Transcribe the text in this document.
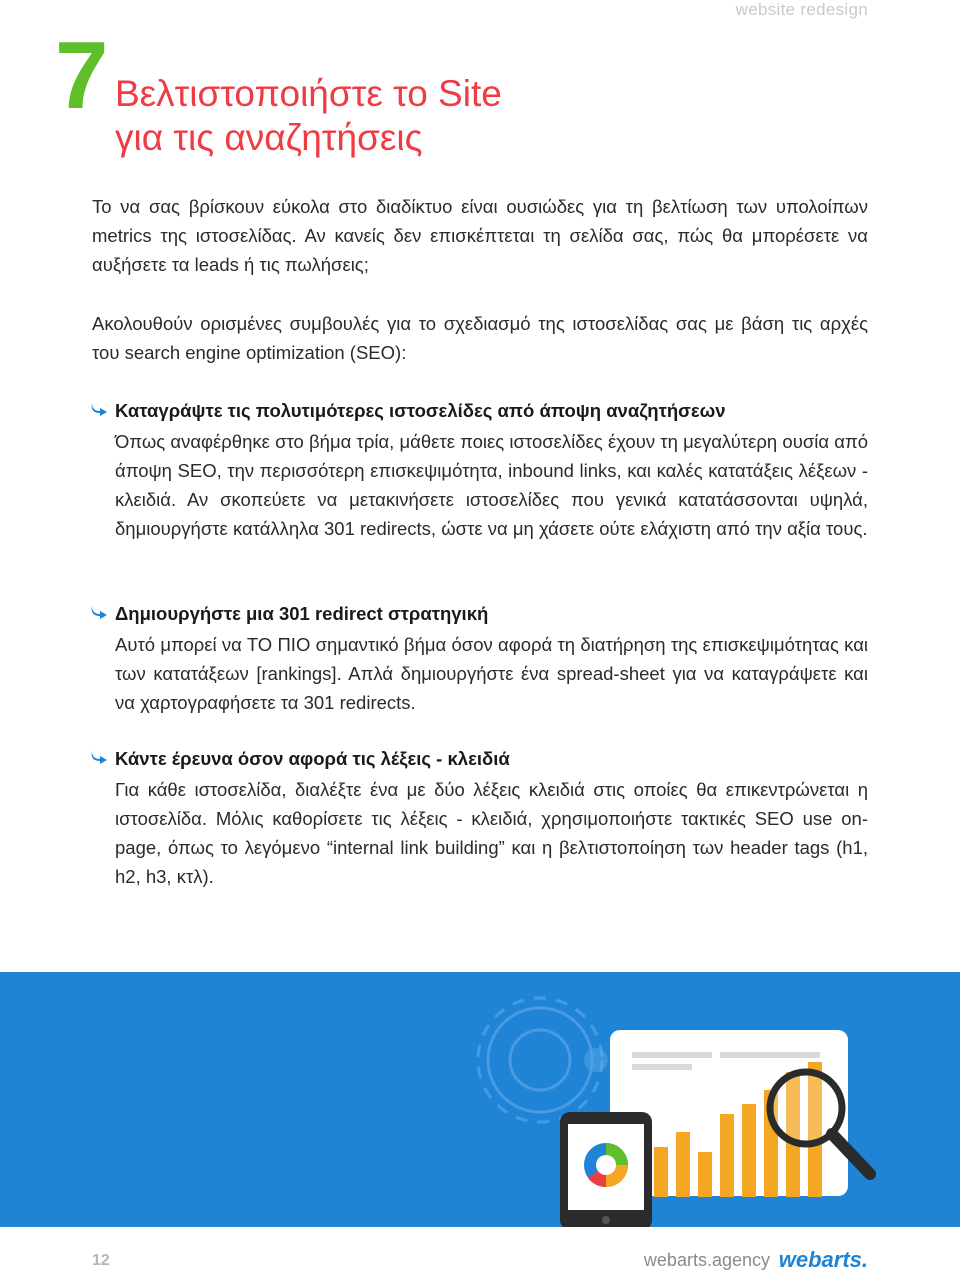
website redesign
7 Βελτιστοποιήστε το Site
για τις αναζητήσεις

Το να σας βρίσκουν εύκολα στο διαδίκτυο είναι ουσιώδες για τη βελτίωση των υπολοίπων metrics της ιστοσελίδας. Αν κανείς δεν επισκέπτεται τη σελίδα σας, πώς θα μπορέσετε να αυξήσετε τα leads ή τις πωλήσεις;

Ακολουθούν ορισμένες συμβουλές για το σχεδιασμό της ιστοσελίδας σας με βάση τις αρχές του search engine optimization (SEO):

Καταγράψτε τις πολυτιμότερες ιστοσελίδες από άποψη αναζητήσεων

Όπως αναφέρθηκε στο βήμα τρία, μάθετε ποιες ιστοσελίδες έχουν τη μεγαλύτερη ουσία από άποψη SEO, την περισσότερη επισκεψιμότητα, inbound links, και καλές κατατάξεις λέξεων - κλειδιά. Αν σκοπεύετε να μετακινήσετε ιστοσελίδες που γενικά κατατάσσονται υψηλά, δημιουργήστε κατάλληλα 301 redirects, ώστε να μη χάσετε ούτε ελάχιστη από την αξία τους.

Δημιουργήστε μια 301 redirect στρατηγική

Αυτό μπορεί να ΤΟ ΠΙΟ σημαντικό βήμα όσον αφορά τη διατήρηση της επισκεψιμότητας και των κατατάξεων [rankings]. Απλά δημιουργήστε ένα spread-sheet για να καταγράψετε και να χαρτογραφήσετε τα 301 redirects.

Κάντε έρευνα όσον αφορά τις λέξεις - κλειδιά

Για κάθε ιστοσελίδα, διαλέξτε ένα με δύο λέξεις κλειδιά στις οποίες θα επικεντρώνεται η ιστοσελίδα. Μόλις καθορίσετε τις λέξεις - κλειδιά, χρησιμοποιήστε τακτικές SEO use on-page, όπως το λεγόμενο “internal link building” και η βελτιστοποίηση των header tags (h1, h2, h3, κτλ).

12	webarts.agency webarts.
